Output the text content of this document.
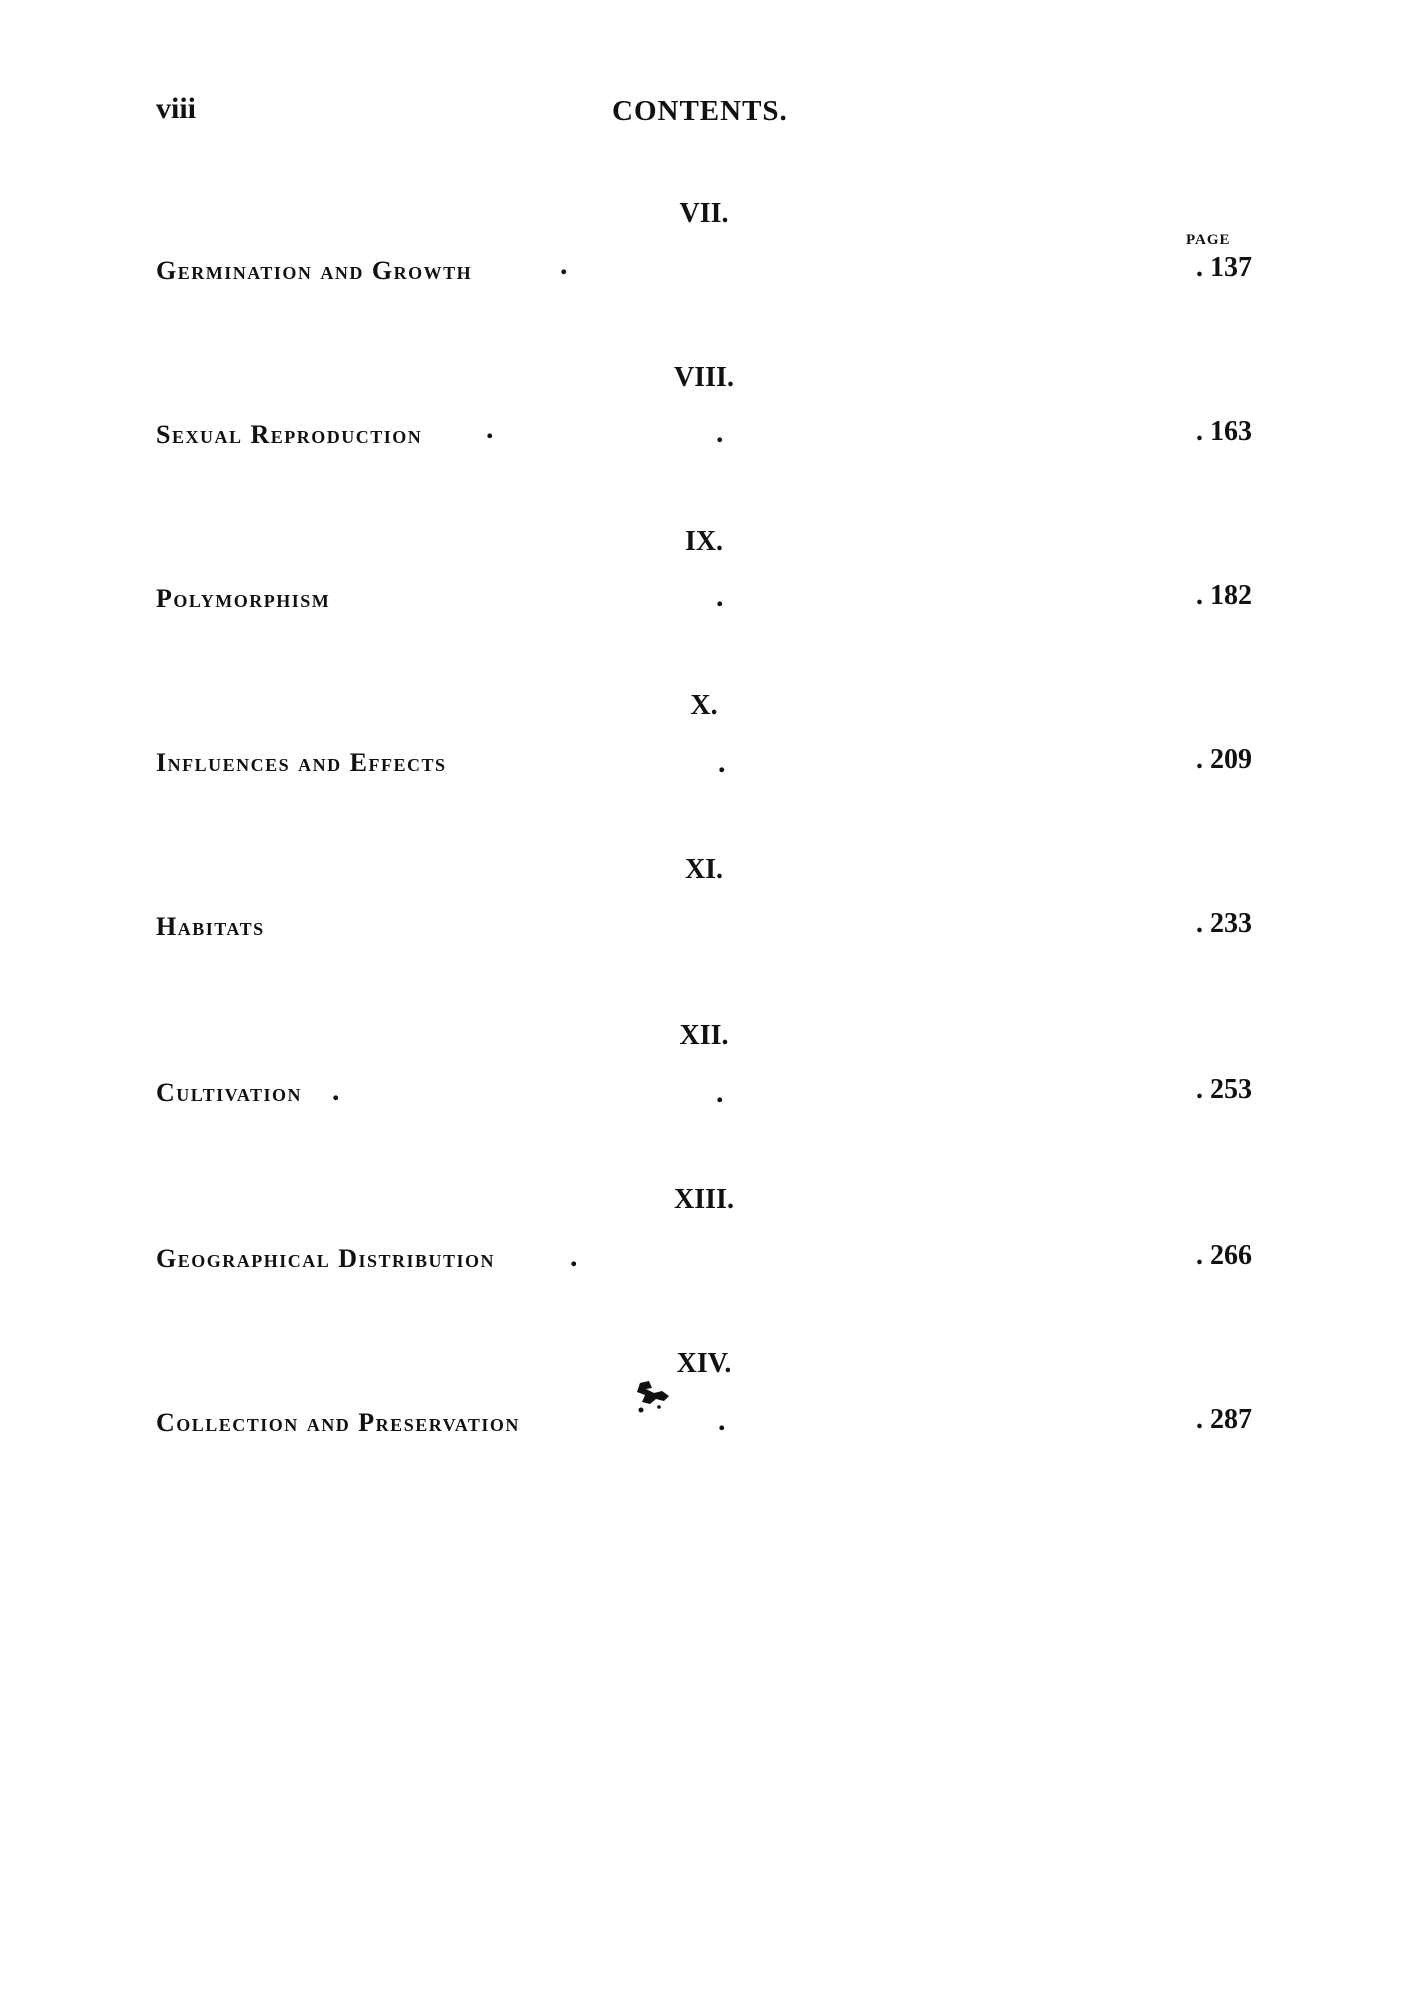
viii	CONTENTS.
PAGE
VII.
Germination and Growth	.	. 137
VIII.
Sexual Reproduction .	.	. 163
IX.
Polymorphism	.	. 182
X.
Influences and Effects	.	. 209
XI.
Habitats	. 233
XII.
Cultivation .	.	. 253
XIII.
Geographical Distribution .	. 266
XIV.
Collection and Preservation	.	. 287
